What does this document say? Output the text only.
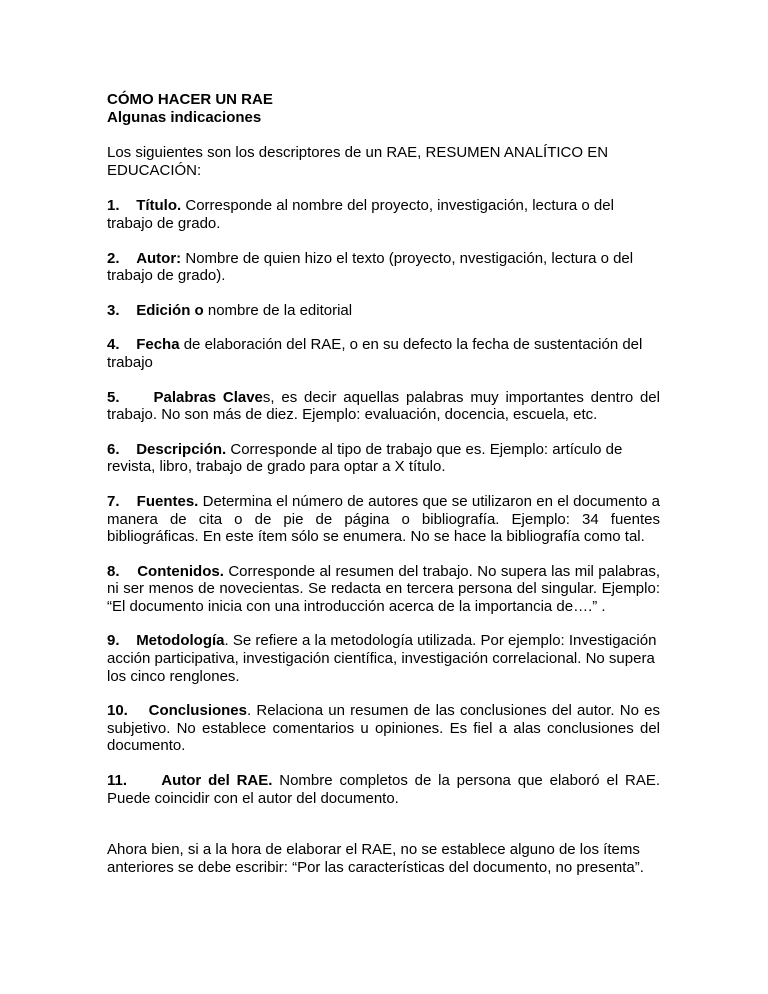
CÓMO HACER UN RAE

Algunas indicaciones

Los siguientes son los descriptores de un RAE, RESUMEN ANALÍTICO EN EDUCACIÓN:

1. Título. Corresponde al nombre del proyecto, investigación, lectura o del trabajo de grado.

2. Autor: Nombre de quien hizo el texto (proyecto, nvestigación, lectura o del trabajo de grado).

3. Edición o nombre de la editorial

4. Fecha de elaboración del RAE, o en su defecto la fecha de sustentación del trabajo

5. Palabras Claves, es decir aquellas palabras muy importantes dentro del trabajo. No son más de diez. Ejemplo: evaluación, docencia, escuela, etc.

6. Descripción. Corresponde al tipo de trabajo que es. Ejemplo: artículo de revista, libro, trabajo de grado para optar a X título.

7. Fuentes. Determina el número de autores que se utilizaron en el documento a manera de cita o de pie de página o bibliografía. Ejemplo: 34 fuentes bibliográficas. En este ítem sólo se enumera. No se hace la bibliografía como tal.

8. Contenidos. Corresponde al resumen del trabajo. No supera las mil palabras, ni ser menos de novecientas. Se redacta en tercera persona del singular. Ejemplo: “El documento inicia con una introducción acerca de la importancia de….” .

9. Metodología. Se refiere a la metodología utilizada. Por ejemplo: Investigación acción participativa, investigación científica, investigación correlacional. No supera los cinco renglones.

10. Conclusiones. Relaciona un resumen de las conclusiones del autor. No es subjetivo. No establece comentarios u opiniones. Es fiel a alas conclusiones del documento.

11. Autor del RAE. Nombre completos de la persona que elaboró el RAE. Puede coincidir con el autor del documento.

Ahora bien, si a la hora de elaborar el RAE, no se establece alguno de los ítems anteriores se debe escribir: “Por las características del documento, no presenta”.
